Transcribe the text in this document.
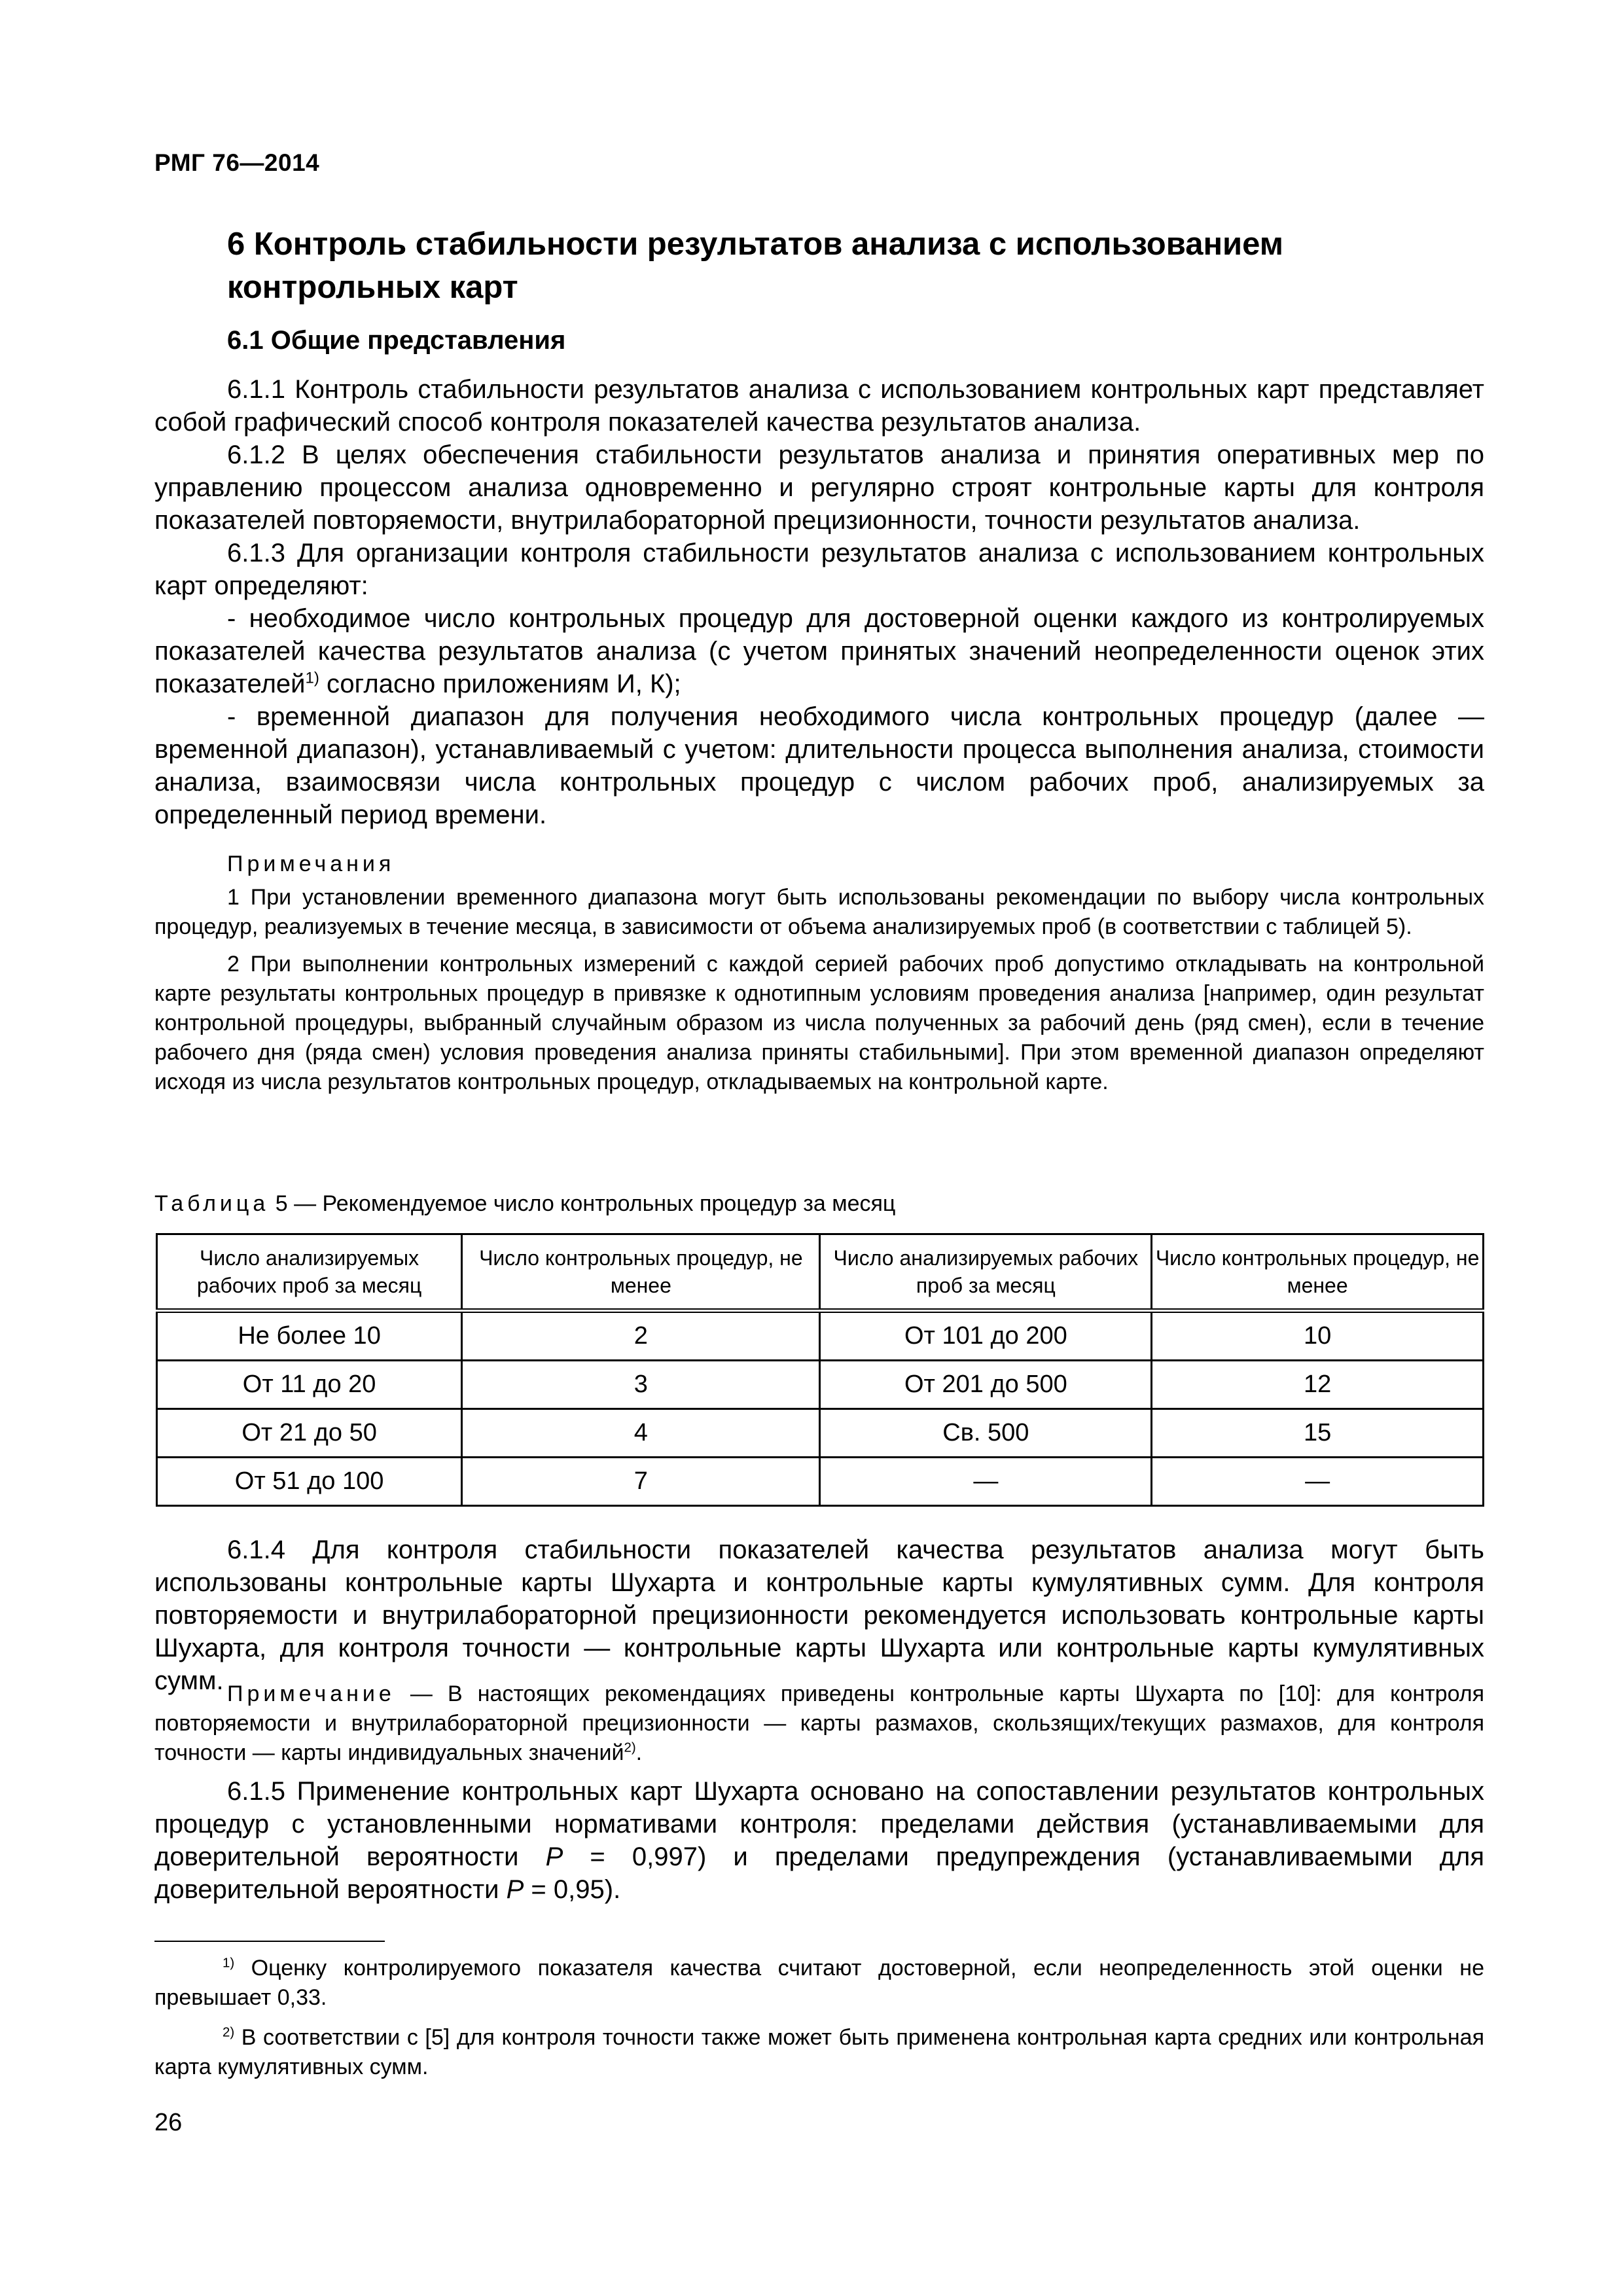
РМГ 76—2014
6 Контроль стабильности результатов анализа с использованием контрольных карт
6.1 Общие представления

6.1.1 Контроль стабильности результатов анализа с использованием контрольных карт представляет собой графический способ контроля показателей качества результатов анализа.

6.1.2 В целях обеспечения стабильности результатов анализа и принятия оперативных мер по управлению процессом анализа одновременно и регулярно строят контрольные карты для контроля показателей повторяемости, внутрилабораторной прецизионности, точности результатов анализа.

6.1.3 Для организации контроля стабильности результатов анализа с использованием контрольных карт определяют:

- необходимое число контрольных процедур для достоверной оценки каждого из контролируемых показателей качества результатов анализа (с учетом принятых значений неопределенности оценок этих показателей$^{1)}$ согласно приложениям И, К);

- временной диапазон для получения необходимого числа контрольных процедур (далее — временной диапазон), устанавливаемый с учетом: длительности процесса выполнения анализа, стоимости анализа, взаимосвязи числа контрольных процедур с числом рабочих проб, анализируемых за определенный период времени.

Примечания

1 При установлении временного диапазона могут быть использованы рекомендации по выбору числа контрольных процедур, реализуемых в течение месяца, в зависимости от объема анализируемых проб (в соответствии с таблицей 5).

2 При выполнении контрольных измерений с каждой серией рабочих проб допустимо откладывать на контрольной карте результаты контрольных процедур в привязке к однотипным условиям проведения анализа [например, один результат контрольной процедуры, выбранный случайным образом из числа полученных за рабочий день (ряд смен), если в течение рабочего дня (ряда смен) условия проведения анализа приняты стабильными]. При этом временной диапазон определяют исходя из числа результатов контрольных процедур, откладываемых на контрольной карте.

Таблица 5 — Рекомендуемое число контрольных процедур за месяц
Число анализируемых рабочих проб за месяц	Число контрольных процедур, не менее	Число анализируемых рабочих проб за месяц	Число контрольных процедур, не менее
Не более 10	2	От 101 до 200	10
От 11 до 20	3	От 201 до 500	12
От 21 до 50	4	Св. 500	15
От 51 до 100	7	—	—

6.1.4 Для контроля стабильности показателей качества результатов анализа могут быть использованы контрольные карты Шухарта и контрольные карты кумулятивных сумм. Для контроля повторяемости и внутрилабораторной прецизионности рекомендуется использовать контрольные карты Шухарта, для контроля точности — контрольные карты Шухарта или контрольные карты кумулятивных сумм. Примечание — В настоящих рекомендациях приведены контрольные карты Шухарта по [10]: для контроля повторяемости и внутрилабораторной прецизионности — карты размахов, скользящих/текущих размахов, для контроля точности — карты индивидуальных значений$^{2)}$.

6.1.5 Применение контрольных карт Шухарта основано на сопоставлении результатов контрольных процедур с установленными нормативами контроля: пределами действия (устанавливаемыми для доверительной вероятности P = 0,997) и пределами предупреждения (устанавливаемыми для доверительной вероятности P = 0,95).

$^{1)}$ Оценку контролируемого показателя качества считают достоверной, если неопределенность этой оценки не превышает 0,33.

$^{2)}$ В соответствии с [5] для контроля точности также может быть применена контрольная карта средних или контрольная карта кумулятивных сумм.

26
